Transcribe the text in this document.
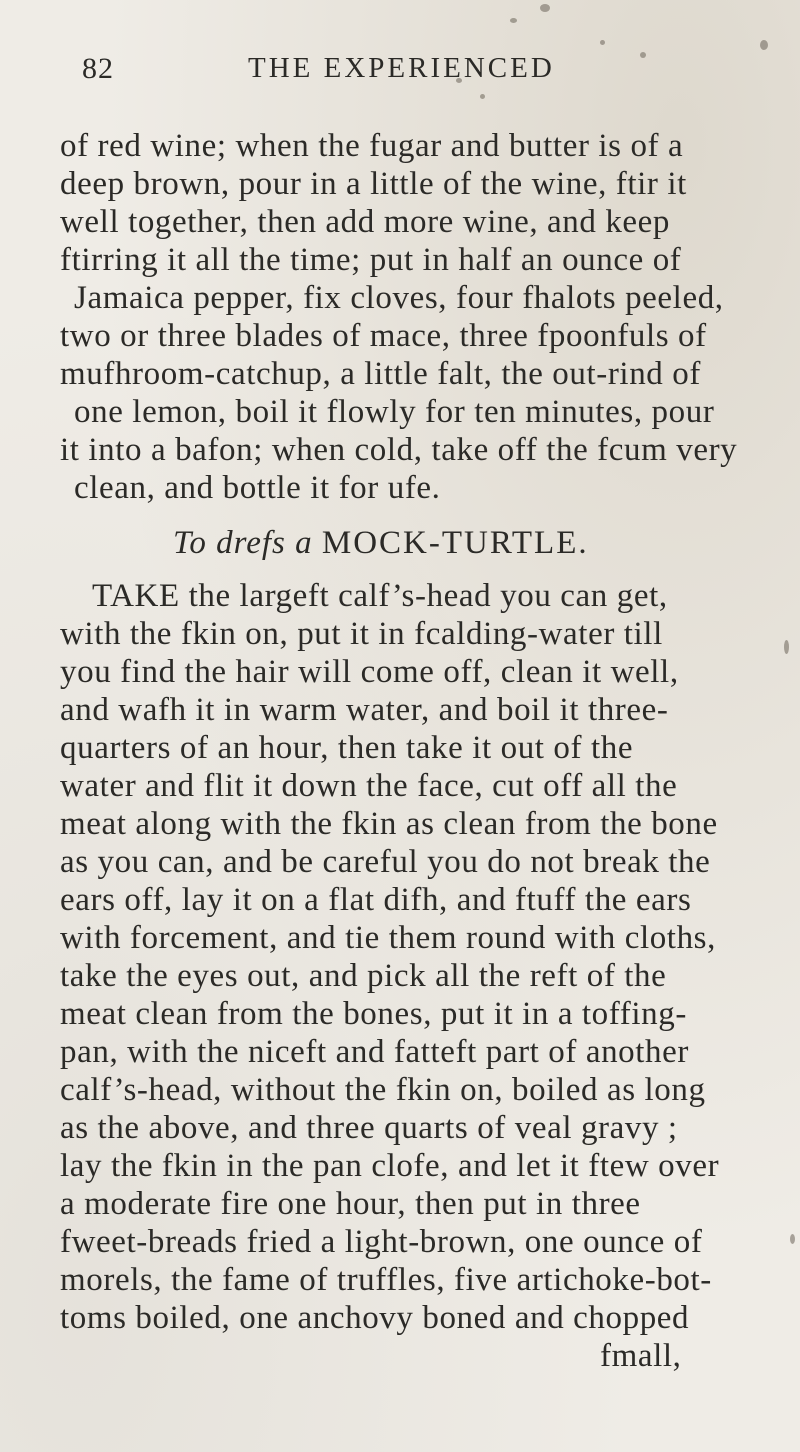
82	THE EXPERIENCED
of red wine; when the fugar and butter is of a
deep brown, pour in a little of the wine, ftir it
well together, then add more wine, and keep
ftirring it all the time; put in half an ounce of
Jamaica pepper, fix cloves, four fhalots peeled,
two or three blades of mace, three fpoonfuls of
mufhroom-catchup, a little falt, the out-rind of
one lemon, boil it flowly for ten minutes, pour
it into a bafon; when cold, take off the fcum very
clean, and bottle it for ufe.
To drefs a MOCK-TURTLE.
TAKE the largeft calf’s-head you can get,
with the fkin on, put it in fcalding-water till
you find the hair will come off, clean it well,
and wafh it in warm water, and boil it three-
quarters of an hour, then take it out of the
water and flit it down the face, cut off all the
meat along with the fkin as clean from the bone
as you can, and be careful you do not break the
ears off, lay it on a flat difh, and ftuff the ears
with forcement, and tie them round with cloths,
take the eyes out, and pick all the reft of the
meat clean from the bones, put it in a toffing-
pan, with the niceft and fatteft part of another
calf’s-head, without the fkin on, boiled as long
as the above, and three quarts of veal gravy ;
lay the fkin in the pan clofe, and let it ftew over
a moderate fire one hour, then put in three
fweet-breads fried a light-brown, one ounce of
morels, the fame of truffles, five artichoke-bot-
toms boiled, one anchovy boned and chopped
fmall,
